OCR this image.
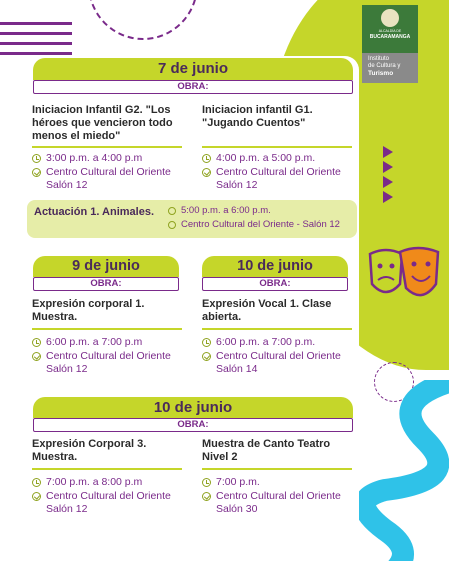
ALCALDÍA DE
BUCARAMANGA
Instituto
de Cultura y
Turismo
7 de junio
OBRA:
Iniciacion Infantil G2. "Los héroes que vencieron todo menos el miedo"
3:00 p.m. a 4:00 p.m
Centro Cultural del Oriente
Salón 12
Iniciacion infantil G1. "Jugando Cuentos"
4:00 p.m. a 5:00 p.m.
Centro Cultural del Oriente
Salón 12
Actuación 1. Animales.	5:00 p.m. a 6:00 p.m.
Centro Cultural del Oriente - Salón 12
9 de junio
OBRA:
10 de junio
OBRA:
Expresión corporal 1. Muestra.
6:00 p.m. a 7:00 p.m
Centro Cultural del Oriente
Salón 12
Expresión Vocal 1. Clase abierta.
6:00 p.m. a 7:00 p.m.
Centro Cultural del Oriente
Salón 14
10 de junio
OBRA:
Expresión Corporal 3. Muestra.
7:00 p.m. a 8:00 p.m
Centro Cultural del Oriente
Salón 12
Muestra de Canto Teatro Nivel 2
7:00 p.m.
Centro Cultural del Oriente
Salón 30
